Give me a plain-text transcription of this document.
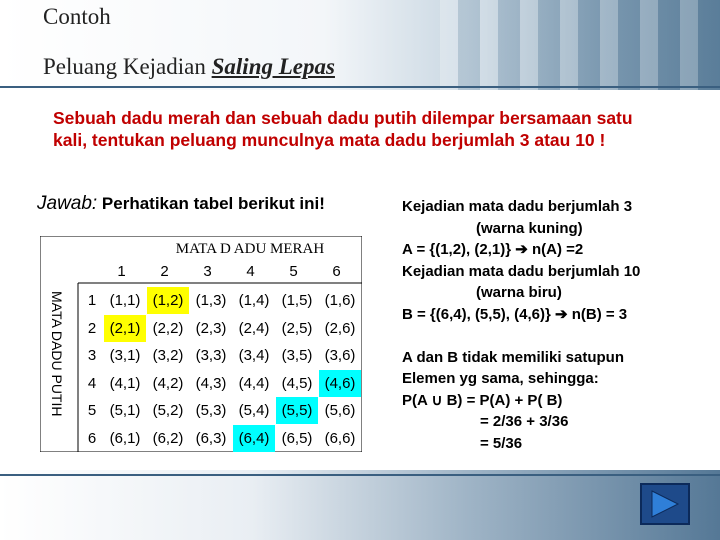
Contoh
Peluang Kejadian Saling Lepas
Sebuah dadu merah dan sebuah dadu putih dilempar bersamaan satu kali, tentukan peluang munculnya mata dadu berjumlah 3 atau 10 !
Jawab: Perhatikan tabel berikut ini!
MATA D ADU MERAH
MATA DADU PUTIH
1	2	3	4	5	6
1 (1,1) (1,2) (1,3) (1,4) (1,5) (1,6)
2 (2,1) (2,2) (2,3) (2,4) (2,5) (2,6)
3 (3,1) (3,2) (3,3) (3,4) (3,5) (3,6)
4 (4,1) (4,2) (4,3) (4,4) (4,5) (4,6)
5 (5,1) (5,2) (5,3) (5,4) (5,5) (5,6)
6 (6,1) (6,2) (6,3) (6,4) (6,5) (6,6)
Kejadian mata dadu berjumlah 3
(warna kuning)
A = {(1,2), (2,1)} ➔ n(A) =2
Kejadian mata dadu berjumlah 10
(warna biru)
B = {(6,4), (5,5), (4,6)} ➔ n(B) = 3
A dan B tidak memiliki satupun
Elemen yg sama, sehingga:
P(A ∪ B) = P(A) + P( B)
= 2/36 + 3/36
= 5/36
